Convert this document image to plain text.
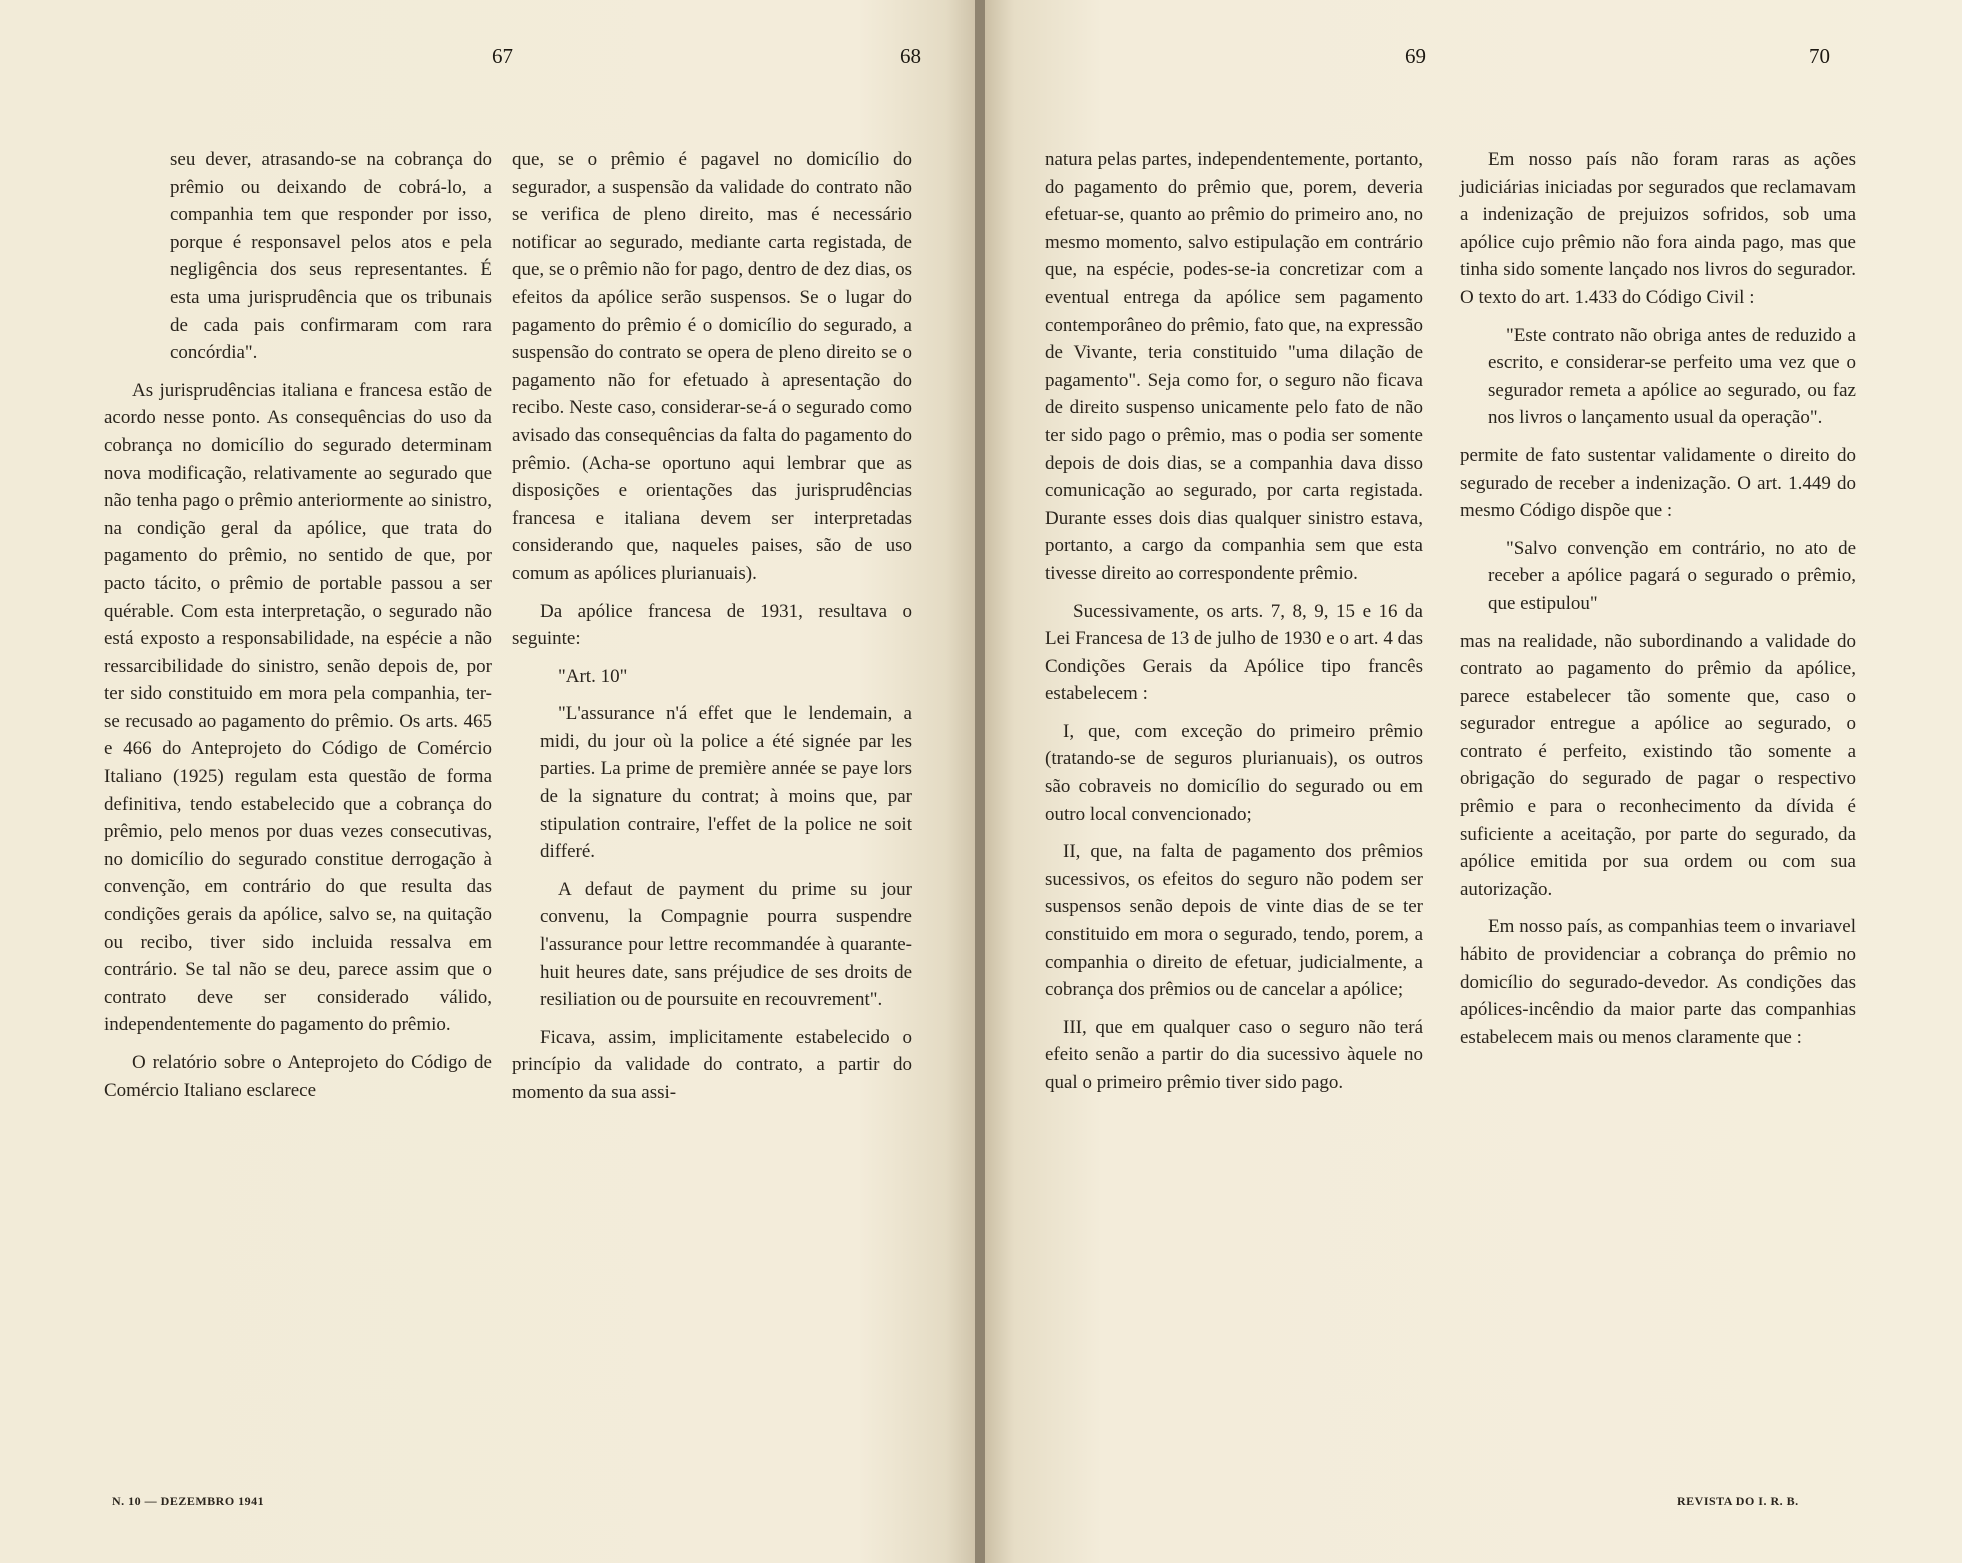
67	68

seu dever, atrasando-se na cobrança do prêmio ou deixando de cobrá-lo, a companhia tem que responder por isso, porque é responsavel pelos atos e pela negligência dos seus representantes. É esta uma jurisprudência que os tribunais de cada pais confirmaram com rara concórdia".

As jurisprudências italiana e francesa estão de acordo nesse ponto. As consequências do uso da cobrança no domicílio do segurado determinam nova modificação, relativamente ao segurado que não tenha pago o prêmio anteriormente ao sinistro, na condição geral da apólice, que trata do pagamento do prêmio, no sentido de que, por pacto tácito, o prêmio de portable passou a ser quérable. Com esta interpretação, o segurado não está exposto a responsabilidade, na espécie a não ressarcibilidade do sinistro, senão depois de, por ter sido constituido em mora pela companhia, ter-se recusado ao pagamento do prêmio. Os arts. 465 e 466 do Anteprojeto do Código de Comércio Italiano (1925) regulam esta questão de forma definitiva, tendo estabelecido que a cobrança do prêmio, pelo menos por duas vezes consecutivas, no domicílio do segurado constitue derrogação à convenção, em contrário do que resulta das condições gerais da apólice, salvo se, na quitação ou recibo, tiver sido incluida ressalva em contrário. Se tal não se deu, parece assim que o contrato deve ser considerado válido, independentemente do pagamento do prêmio.

O relatório sobre o Anteprojeto do Código de Comércio Italiano esclarece

que, se o prêmio é pagavel no domicílio do segurador, a suspensão da validade do contrato não se verifica de pleno direito, mas é necessário notificar ao segurado, mediante carta registada, de que, se o prêmio não for pago, dentro de dez dias, os efeitos da apólice serão suspensos. Se o lugar do pagamento do prêmio é o domicílio do segurado, a suspensão do contrato se opera de pleno direito se o pagamento não for efetuado à apresentação do recibo. Neste caso, considerar-se-á o segurado como avisado das consequências da falta do pagamento do prêmio. (Acha-se oportuno aqui lembrar que as disposições e orientações das jurisprudências francesa e italiana devem ser interpretadas considerando que, naqueles paises, são de uso comum as apólices plurianuais).

Da apólice francesa de 1931, resultava o seguinte:

"Art. 10"

"L'assurance n'á effet que le lendemain, a midi, du jour où la police a été signée par les parties. La prime de première année se paye lors de la signature du contrat; à moins que, par stipulation contraire, l'effet de la police ne soit differé.

A defaut de payment du prime su jour convenu, la Compagnie pourra suspendre l'assurance pour lettre recommandée à quarante-huit heures date, sans préjudice de ses droits de resiliation ou de poursuite en recouvrement".

Ficava, assim, implicitamente estabelecido o princípio da validade do contrato, a partir do momento da sua assi-

N. 10 — DEZEMBRO 1941
69	70

natura pelas partes, independentemente, portanto, do pagamento do prêmio que, porem, deveria efetuar-se, quanto ao prêmio do primeiro ano, no mesmo momento, salvo estipulação em contrário que, na espécie, podes-se-ia concretizar com a eventual entrega da apólice sem pagamento contemporâneo do prêmio, fato que, na expressão de Vivante, teria constituido "uma dilação de pagamento". Seja como for, o seguro não ficava de direito suspenso unicamente pelo fato de não ter sido pago o prêmio, mas o podia ser somente depois de dois dias, se a companhia dava disso comunicação ao segurado, por carta registada. Durante esses dois dias qualquer sinistro estava, portanto, a cargo da companhia sem que esta tivesse direito ao correspondente prêmio.

Sucessivamente, os arts. 7, 8, 9, 15 e 16 da Lei Francesa de 13 de julho de 1930 e o art. 4 das Condições Gerais da Apólice tipo francês estabelecem :

I, que, com exceção do primeiro prêmio (tratando-se de seguros plurianuais), os outros são cobraveis no domicílio do segurado ou em outro local convencionado;

II, que, na falta de pagamento dos prêmios sucessivos, os efeitos do seguro não podem ser suspensos senão depois de vinte dias de se ter constituido em mora o segurado, tendo, porem, a companhia o direito de efetuar, judicialmente, a cobrança dos prêmios ou de cancelar a apólice;

III, que em qualquer caso o seguro não terá efeito senão a partir do dia sucessivo àquele no qual o primeiro prêmio tiver sido pago.

Em nosso país não foram raras as ações judiciárias iniciadas por segurados que reclamavam a indenização de prejuizos sofridos, sob uma apólice cujo prêmio não fora ainda pago, mas que tinha sido somente lançado nos livros do segurador. O texto do art. 1.433 do Código Civil :

"Este contrato não obriga antes de reduzido a escrito, e considerar-se perfeito uma vez que o segurador remeta a apólice ao segurado, ou faz nos livros o lançamento usual da operação".

permite de fato sustentar validamente o direito do segurado de receber a indenização. O art. 1.449 do mesmo Código dispõe que :

"Salvo convenção em contrário, no ato de receber a apólice pagará o segurado o prêmio, que estipulou"

mas na realidade, não subordinando a validade do contrato ao pagamento do prêmio da apólice, parece estabelecer tão somente que, caso o segurador entregue a apólice ao segurado, o contrato é perfeito, existindo tão somente a obrigação do segurado de pagar o respectivo prêmio e para o reconhecimento da dívida é suficiente a aceitação, por parte do segurado, da apólice emitida por sua ordem ou com sua autorização.

Em nosso país, as companhias teem o invariavel hábito de providenciar a cobrança do prêmio no domicílio do segurado-devedor. As condições das apólices-incêndio da maior parte das companhias estabelecem mais ou menos claramente que :

REVISTA DO I. R. B.
